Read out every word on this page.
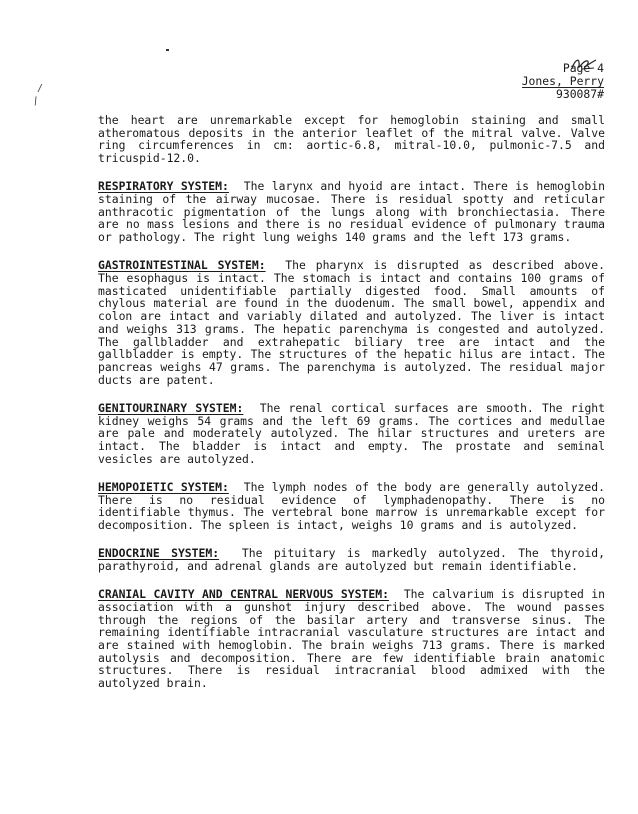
/
/
Page 4
Jones, Perry
930087#

the heart are unremarkable except for hemoglobin staining and small atheromatous deposits in the anterior leaflet of the mitral valve. Valve ring circumferences in cm: aortic-6.8, mitral-10.0, pulmonic-7.5 and tricuspid-12.0.

RESPIRATORY SYSTEM: The larynx and hyoid are intact. There is hemoglobin staining of the airway mucosae. There is residual spotty and reticular anthracotic pigmentation of the lungs along with bronchiectasia. There are no mass lesions and there is no residual evidence of pulmonary trauma or pathology. The right lung weighs 140 grams and the left 173 grams.

GASTROINTESTINAL SYSTEM: The pharynx is disrupted as described above. The esophagus is intact. The stomach is intact and contains 100 grams of masticated unidentifiable partially digested food. Small amounts of chylous material are found in the duodenum. The small bowel, appendix and colon are intact and variably dilated and autolyzed. The liver is intact and weighs 313 grams. The hepatic parenchyma is congested and autolyzed. The gallbladder and extrahepatic biliary tree are intact and the gallbladder is empty. The structures of the hepatic hilus are intact. The pancreas weighs 47 grams. The parenchyma is autolyzed. The residual major ducts are patent.

GENITOURINARY SYSTEM: The renal cortical surfaces are smooth. The right kidney weighs 54 grams and the left 69 grams. The cortices and medullae are pale and moderately autolyzed. The hilar structures and ureters are intact. The bladder is intact and empty. The prostate and seminal vesicles are autolyzed.

HEMOPOIETIC SYSTEM: The lymph nodes of the body are generally autolyzed. There is no residual evidence of lymphadenopathy. There is no identifiable thymus. The vertebral bone marrow is unremarkable except for decomposition. The spleen is intact, weighs 10 grams and is autolyzed.

ENDOCRINE SYSTEM: The pituitary is markedly autolyzed. The thyroid, parathyroid, and adrenal glands are autolyzed but remain identifiable.

CRANIAL CAVITY AND CENTRAL NERVOUS SYSTEM: The calvarium is disrupted in association with a gunshot injury described above. The wound passes through the regions of the basilar artery and transverse sinus. The remaining identifiable intracranial vasculature structures are intact and are stained with hemoglobin. The brain weighs 713 grams. There is marked autolysis and decomposition. There are few identifiable brain anatomic structures. There is residual intracranial blood admixed with the autolyzed brain.
